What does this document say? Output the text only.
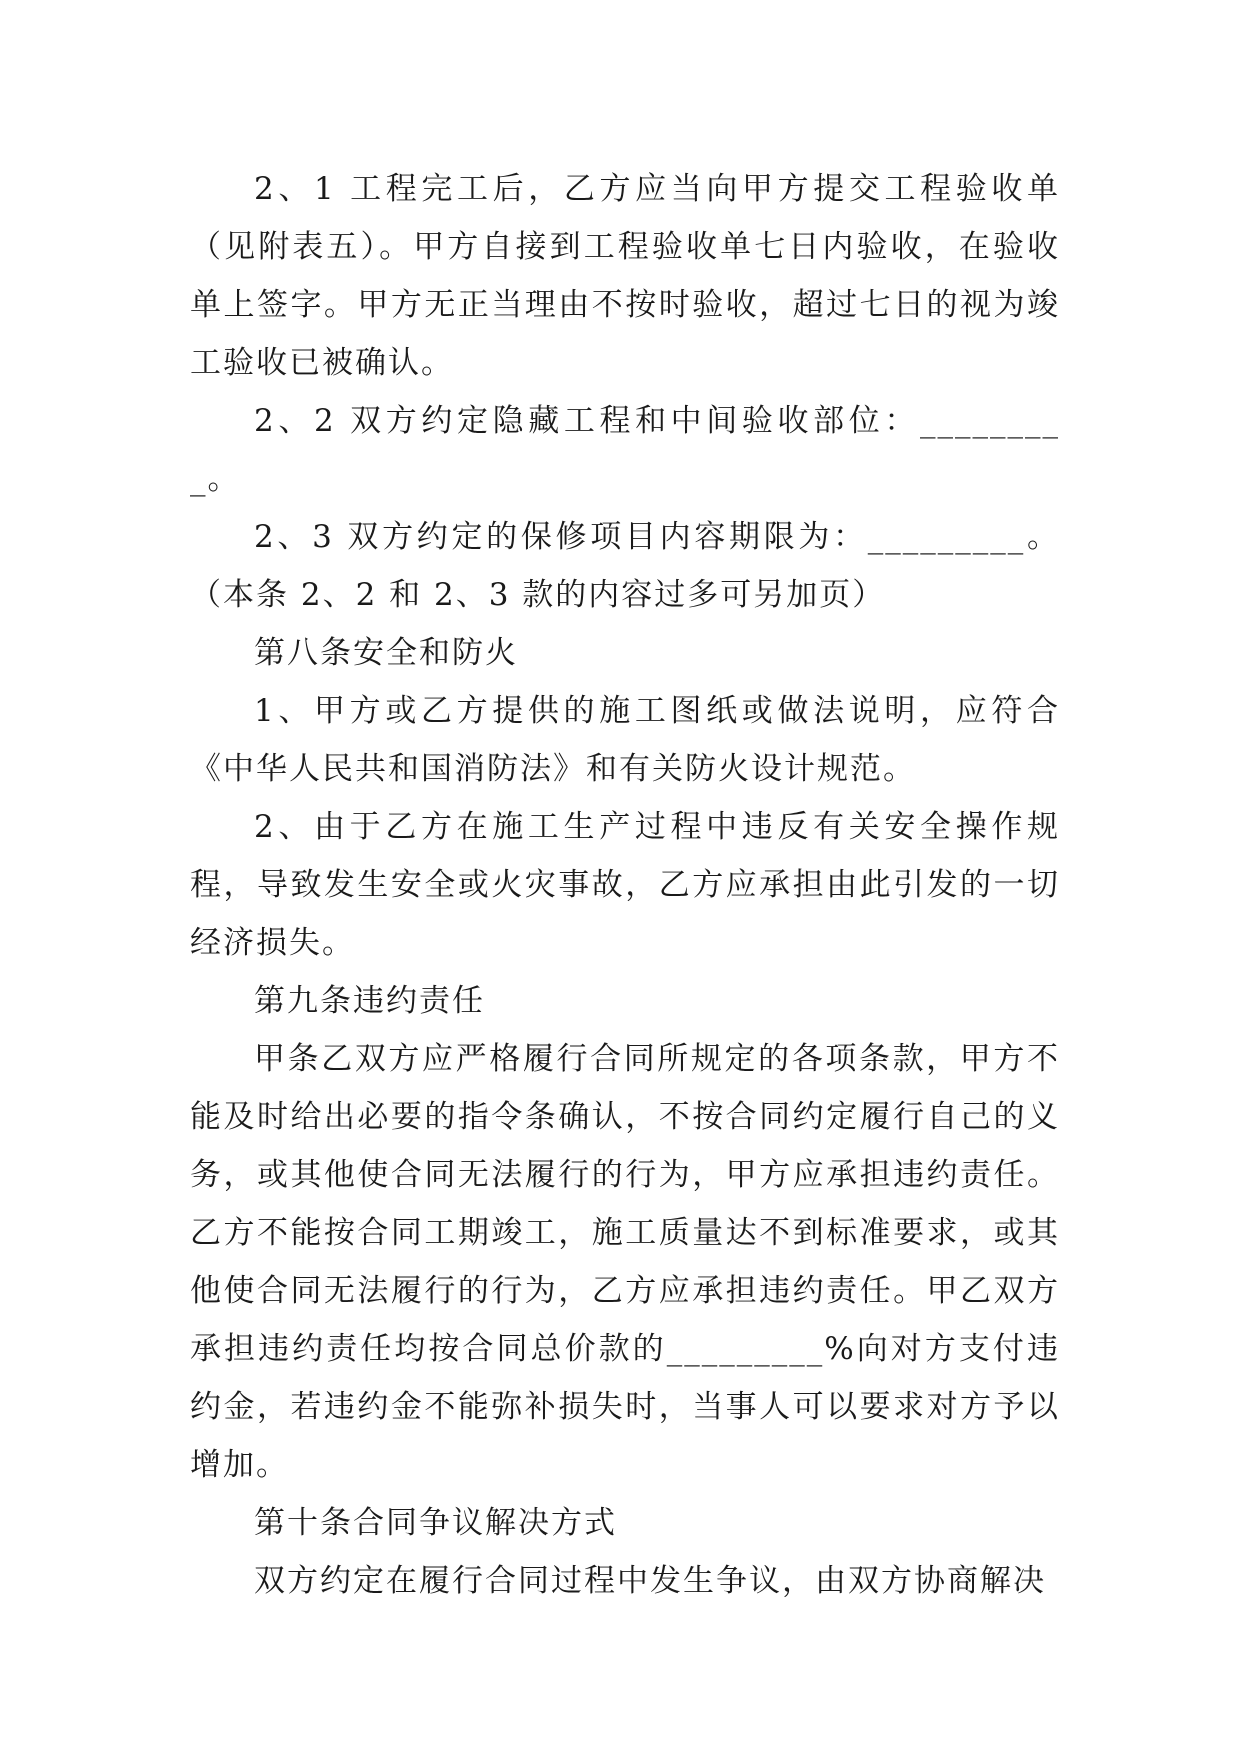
2、1 工程完工后，乙方应当向甲方提交工程验收单（见附表五）。甲方自接到工程验收单七日内验收，在验收单上签字。甲方无正当理由不按时验收，超过七日的视为竣工验收已被确认。

2、2 双方约定隐藏工程和中间验收部位：_________。

2、3 双方约定的保修项目内容期限为：_________。（本条 2、2 和 2、3 款的内容过多可另加页）

第八条安全和防火

1、甲方或乙方提供的施工图纸或做法说明，应符合《中华人民共和国消防法》和有关防火设计规范。

2、由于乙方在施工生产过程中违反有关安全操作规程，导致发生安全或火灾事故，乙方应承担由此引发的一切经济损失。

第九条违约责任

甲条乙双方应严格履行合同所规定的各项条款，甲方不能及时给出必要的指令条确认，不按合同约定履行自己的义务，或其他使合同无法履行的行为，甲方应承担违约责任。乙方不能按合同工期竣工，施工质量达不到标准要求，或其他使合同无法履行的行为，乙方应承担违约责任。甲乙双方承担违约责任均按合同总价款的_________%向对方支付违约金，若违约金不能弥补损失时，当事人可以要求对方予以增加。

第十条合同争议解决方式

双方约定在履行合同过程中发生争议，由双方协商解决
